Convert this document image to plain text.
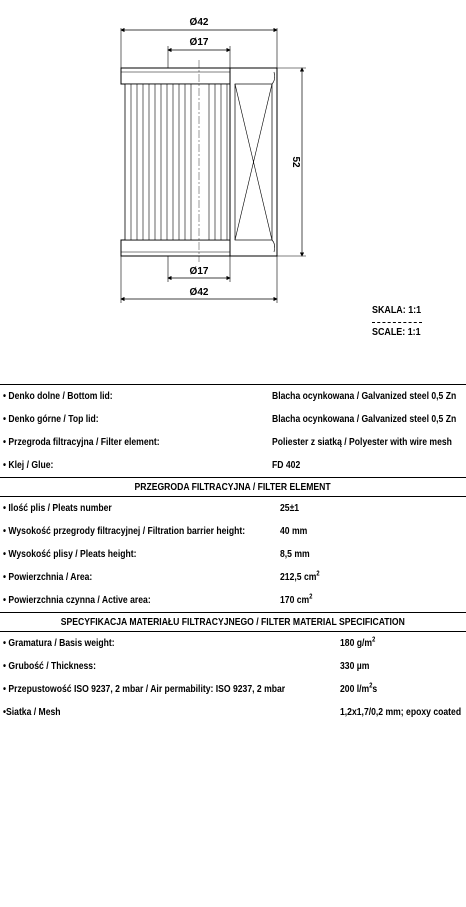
Ø42
Ø17
52
Ø17
Ø42
SKALA: 1:1
SCALE: 1:1
• Denko dolne / Bottom lid:	Blacha ocynkowana / Galvanized steel 0,5 Zn
• Denko górne / Top lid:	Blacha ocynkowana / Galvanized steel 0,5 Zn
• Przegroda filtracyjna / Filter element:	Poliester z siatką / Polyester with wire mesh
• Klej / Glue:	FD 402
PRZEGRODA FILTRACYJNA / FILTER ELEMENT
• Ilość plis / Pleats number	25±1
• Wysokość przegrody filtracyjnej / Filtration barrier height:	40 mm
• Wysokość plisy / Pleats height:	8,5 mm
• Powierzchnia / Area:	212,5 $cm^2$
• Powierzchnia czynna / Active area:	170 $cm^2$
SPECYFIKACJA MATERIAŁU FILTRACYJNEGO / FILTER MATERIAL SPECIFICATION
• Gramatura / Basis weight:	180 $g/m^2$
• Grubość / Thickness:	330 µm
• Przepustowość ISO 9237, 2 mbar / Air permability: ISO 9237, 2 mbar	200 $l/m^2s$
•Siatka / Mesh	1,2x1,7/0,2 mm; epoxy coated
